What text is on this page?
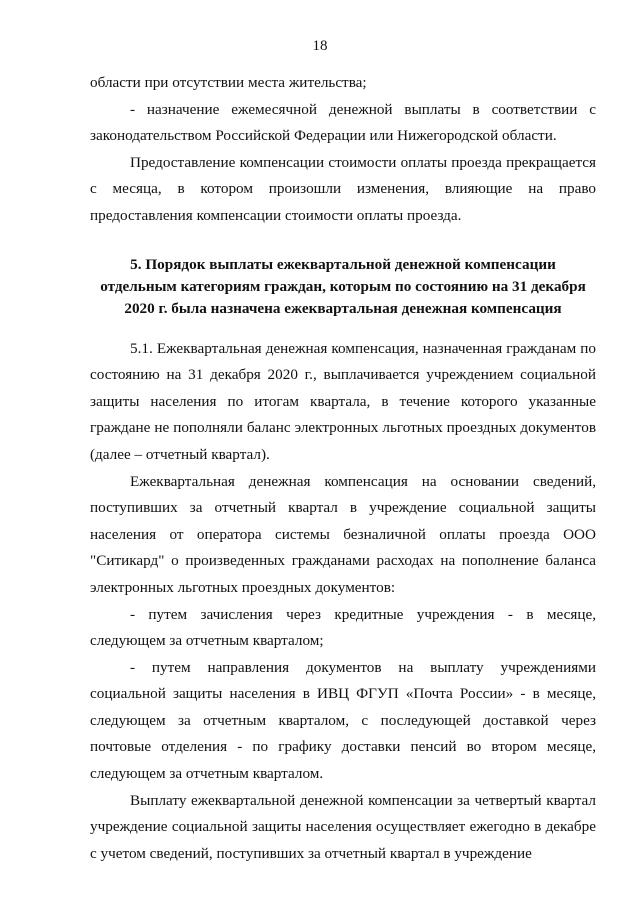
18

области при отсутствии места жительства;

- назначение ежемесячной денежной выплаты в соответствии с законодательством Российской Федерации или Нижегородской области.

Предоставление компенсации стоимости оплаты проезда прекращается с месяца, в котором произошли изменения, влияющие на право предоставления компенсации стоимости оплаты проезда.

5. Порядок выплаты ежеквартальной денежной компенсации отдельным категориям граждан, которым по состоянию на 31 декабря 2020 г. была назначена ежеквартальная денежная компенсация

5.1. Ежеквартальная денежная компенсация, назначенная гражданам по состоянию на 31 декабря 2020 г., выплачивается учреждением социальной защиты населения по итогам квартала, в течение которого указанные граждане не пополняли баланс электронных льготных проездных документов (далее – отчетный квартал).

Ежеквартальная денежная компенсация на основании сведений, поступивших за отчетный квартал в учреждение социальной защиты населения от оператора системы безналичной оплаты проезда ООО "Ситикард" о произведенных гражданами расходах на пополнение баланса электронных льготных проездных документов:

- путем зачисления через кредитные учреждения - в месяце, следующем за отчетным кварталом;

- путем направления документов на выплату учреждениями социальной защиты населения в ИВЦ ФГУП «Почта России» - в месяце, следующем за отчетным кварталом, с последующей доставкой через почтовые отделения - по графику доставки пенсий во втором месяце, следующем за отчетным кварталом.

Выплату ежеквартальной денежной компенсации за четвертый квартал учреждение социальной защиты населения осуществляет ежегодно в декабре с учетом сведений, поступивших за отчетный квартал в учреждение
